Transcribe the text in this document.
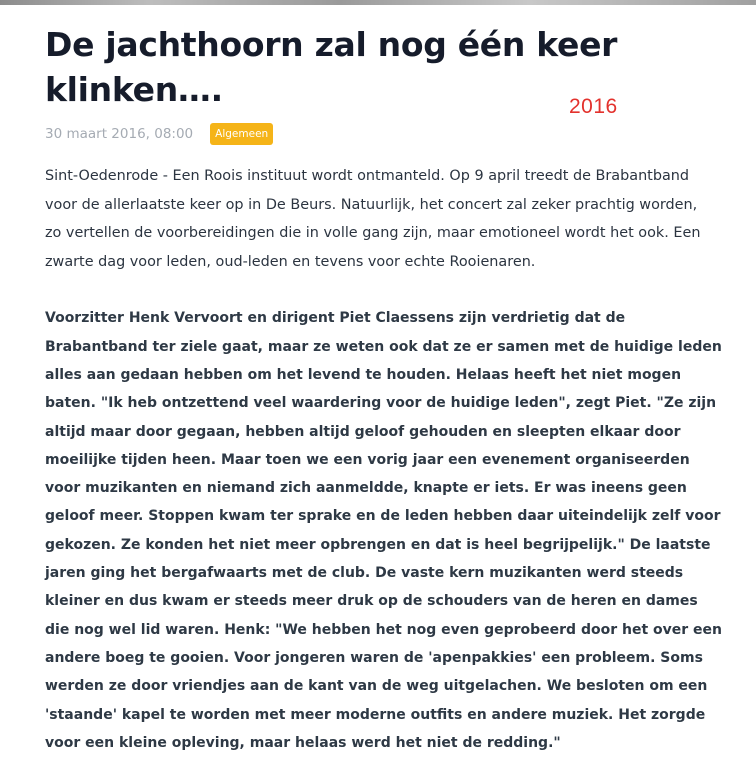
De jachthoorn zal nog één keer klinken….
30 maart 2016, 08:00	Algemeen

Sint-Oedenrode - Een Roois instituut wordt ontmanteld. Op 9 april treedt de Brabantband voor de allerlaatste keer op in De Beurs. Natuurlijk, het concert zal zeker prachtig worden, zo vertellen de voorbereidingen die in volle gang zijn, maar emotioneel wordt het ook. Een zwarte dag voor leden, oud-leden en tevens voor echte Rooienaren.

Voorzitter Henk Vervoort en dirigent Piet Claessens zijn verdrietig dat de Brabantband ter ziele gaat, maar ze weten ook dat ze er samen met de huidige leden alles aan gedaan hebben om het levend te houden. Helaas heeft het niet mogen baten. "Ik heb ontzettend veel waardering voor de huidige leden", zegt Piet. "Ze zijn altijd maar door gegaan, hebben altijd geloof gehouden en sleepten elkaar door moeilijke tijden heen. Maar toen we een vorig jaar een evenement organiseerden voor muzikanten en niemand zich aanmeldde, knapte er iets. Er was ineens geen geloof meer. Stoppen kwam ter sprake en de leden hebben daar uiteindelijk zelf voor gekozen. Ze konden het niet meer opbrengen en dat is heel begrijpelijk." De laatste jaren ging het bergafwaarts met de club. De vaste kern muzikanten werd steeds kleiner en dus kwam er steeds meer druk op de schouders van de heren en dames die nog wel lid waren. Henk: "We hebben het nog even geprobeerd door het over een andere boeg te gooien. Voor jongeren waren de 'apenpakkies' een probleem. Soms werden ze door vriendjes aan de kant van de weg uitgelachen. We besloten om een 'staande' kapel te worden met meer moderne outfits en andere muziek. Het zorgde voor een kleine opleving, maar helaas werd het niet de redding."

2016
